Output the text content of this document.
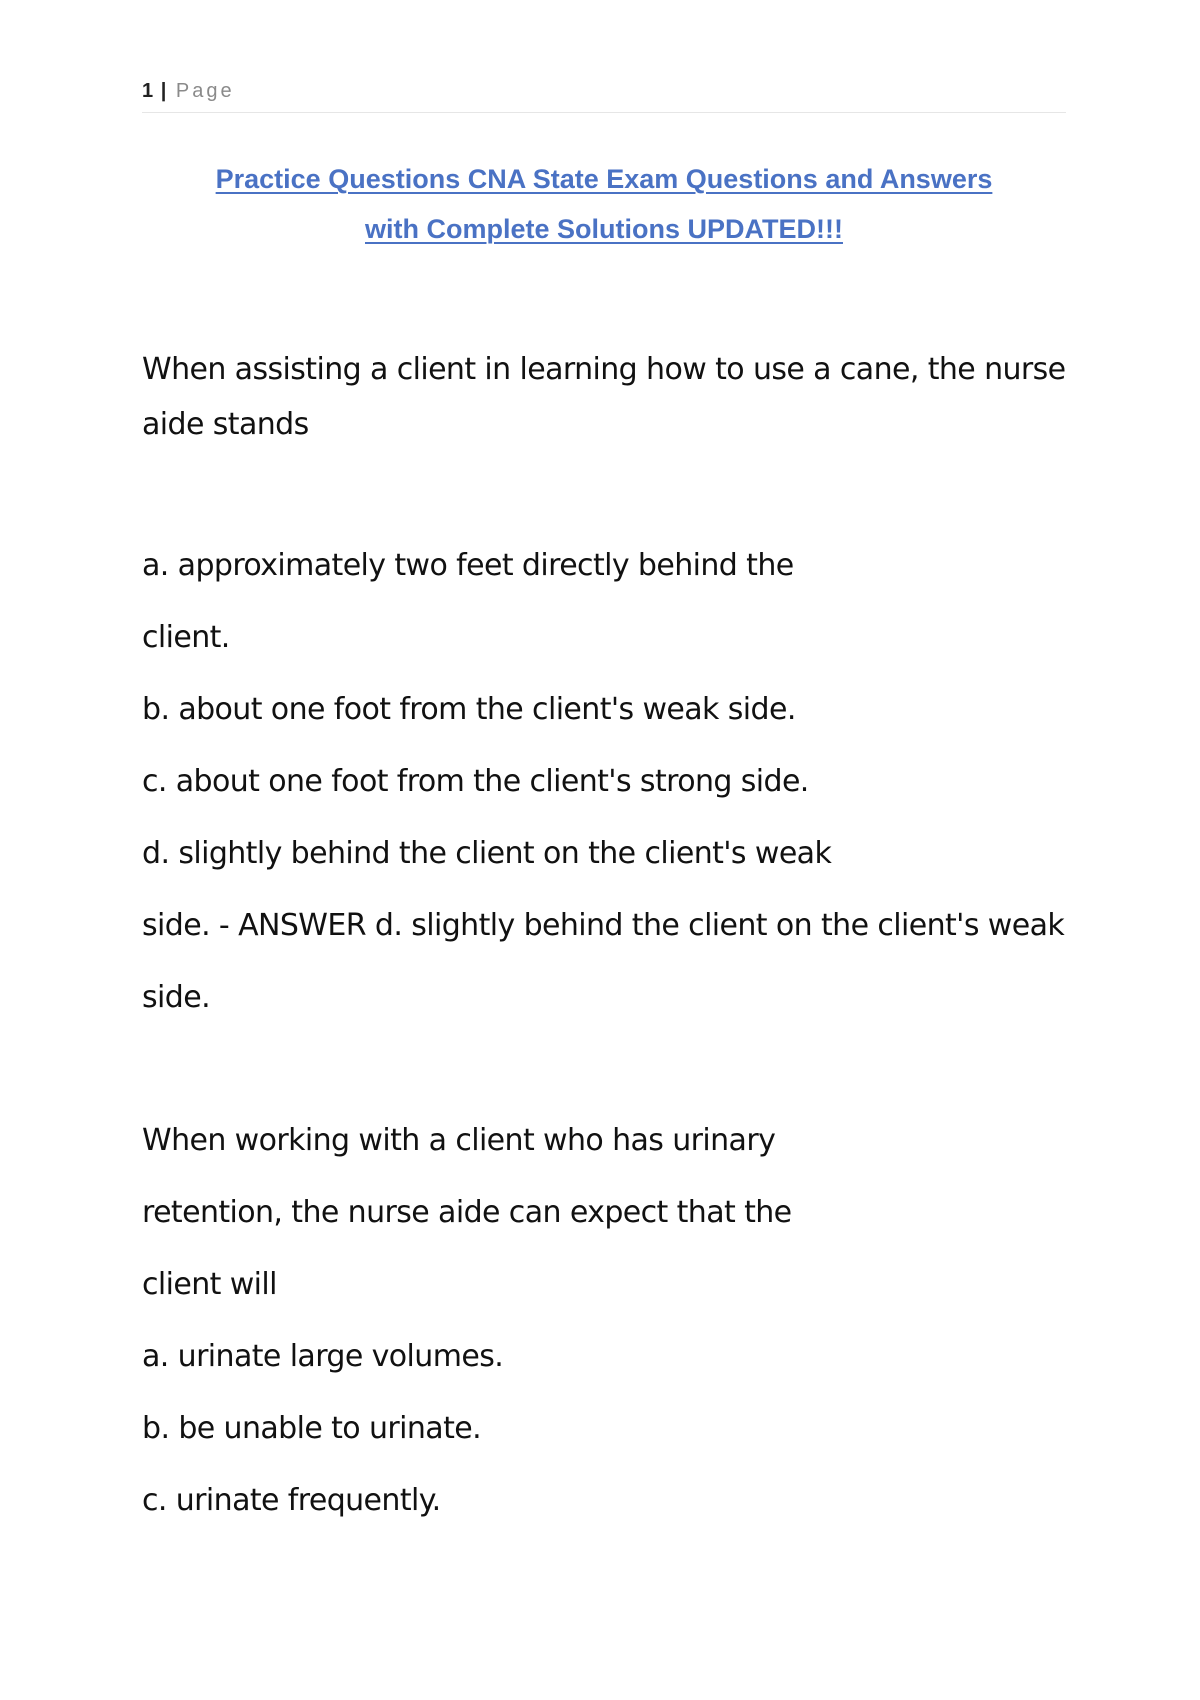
1 | Page
Practice Questions CNA State Exam Questions and Answers
with Complete Solutions UPDATED!!!
When assisting a client in learning how to use a cane, the nurse
aide stands
a. approximately two feet directly behind the
client.
b. about one foot from the client's weak side.
c. about one foot from the client's strong side.
d. slightly behind the client on the client's weak
side. - ANSWER d. slightly behind the client on the client's weak
side.
When working with a client who has urinary
retention, the nurse aide can expect that the
client will
a. urinate large volumes.
b. be unable to urinate.
c. urinate frequently.
